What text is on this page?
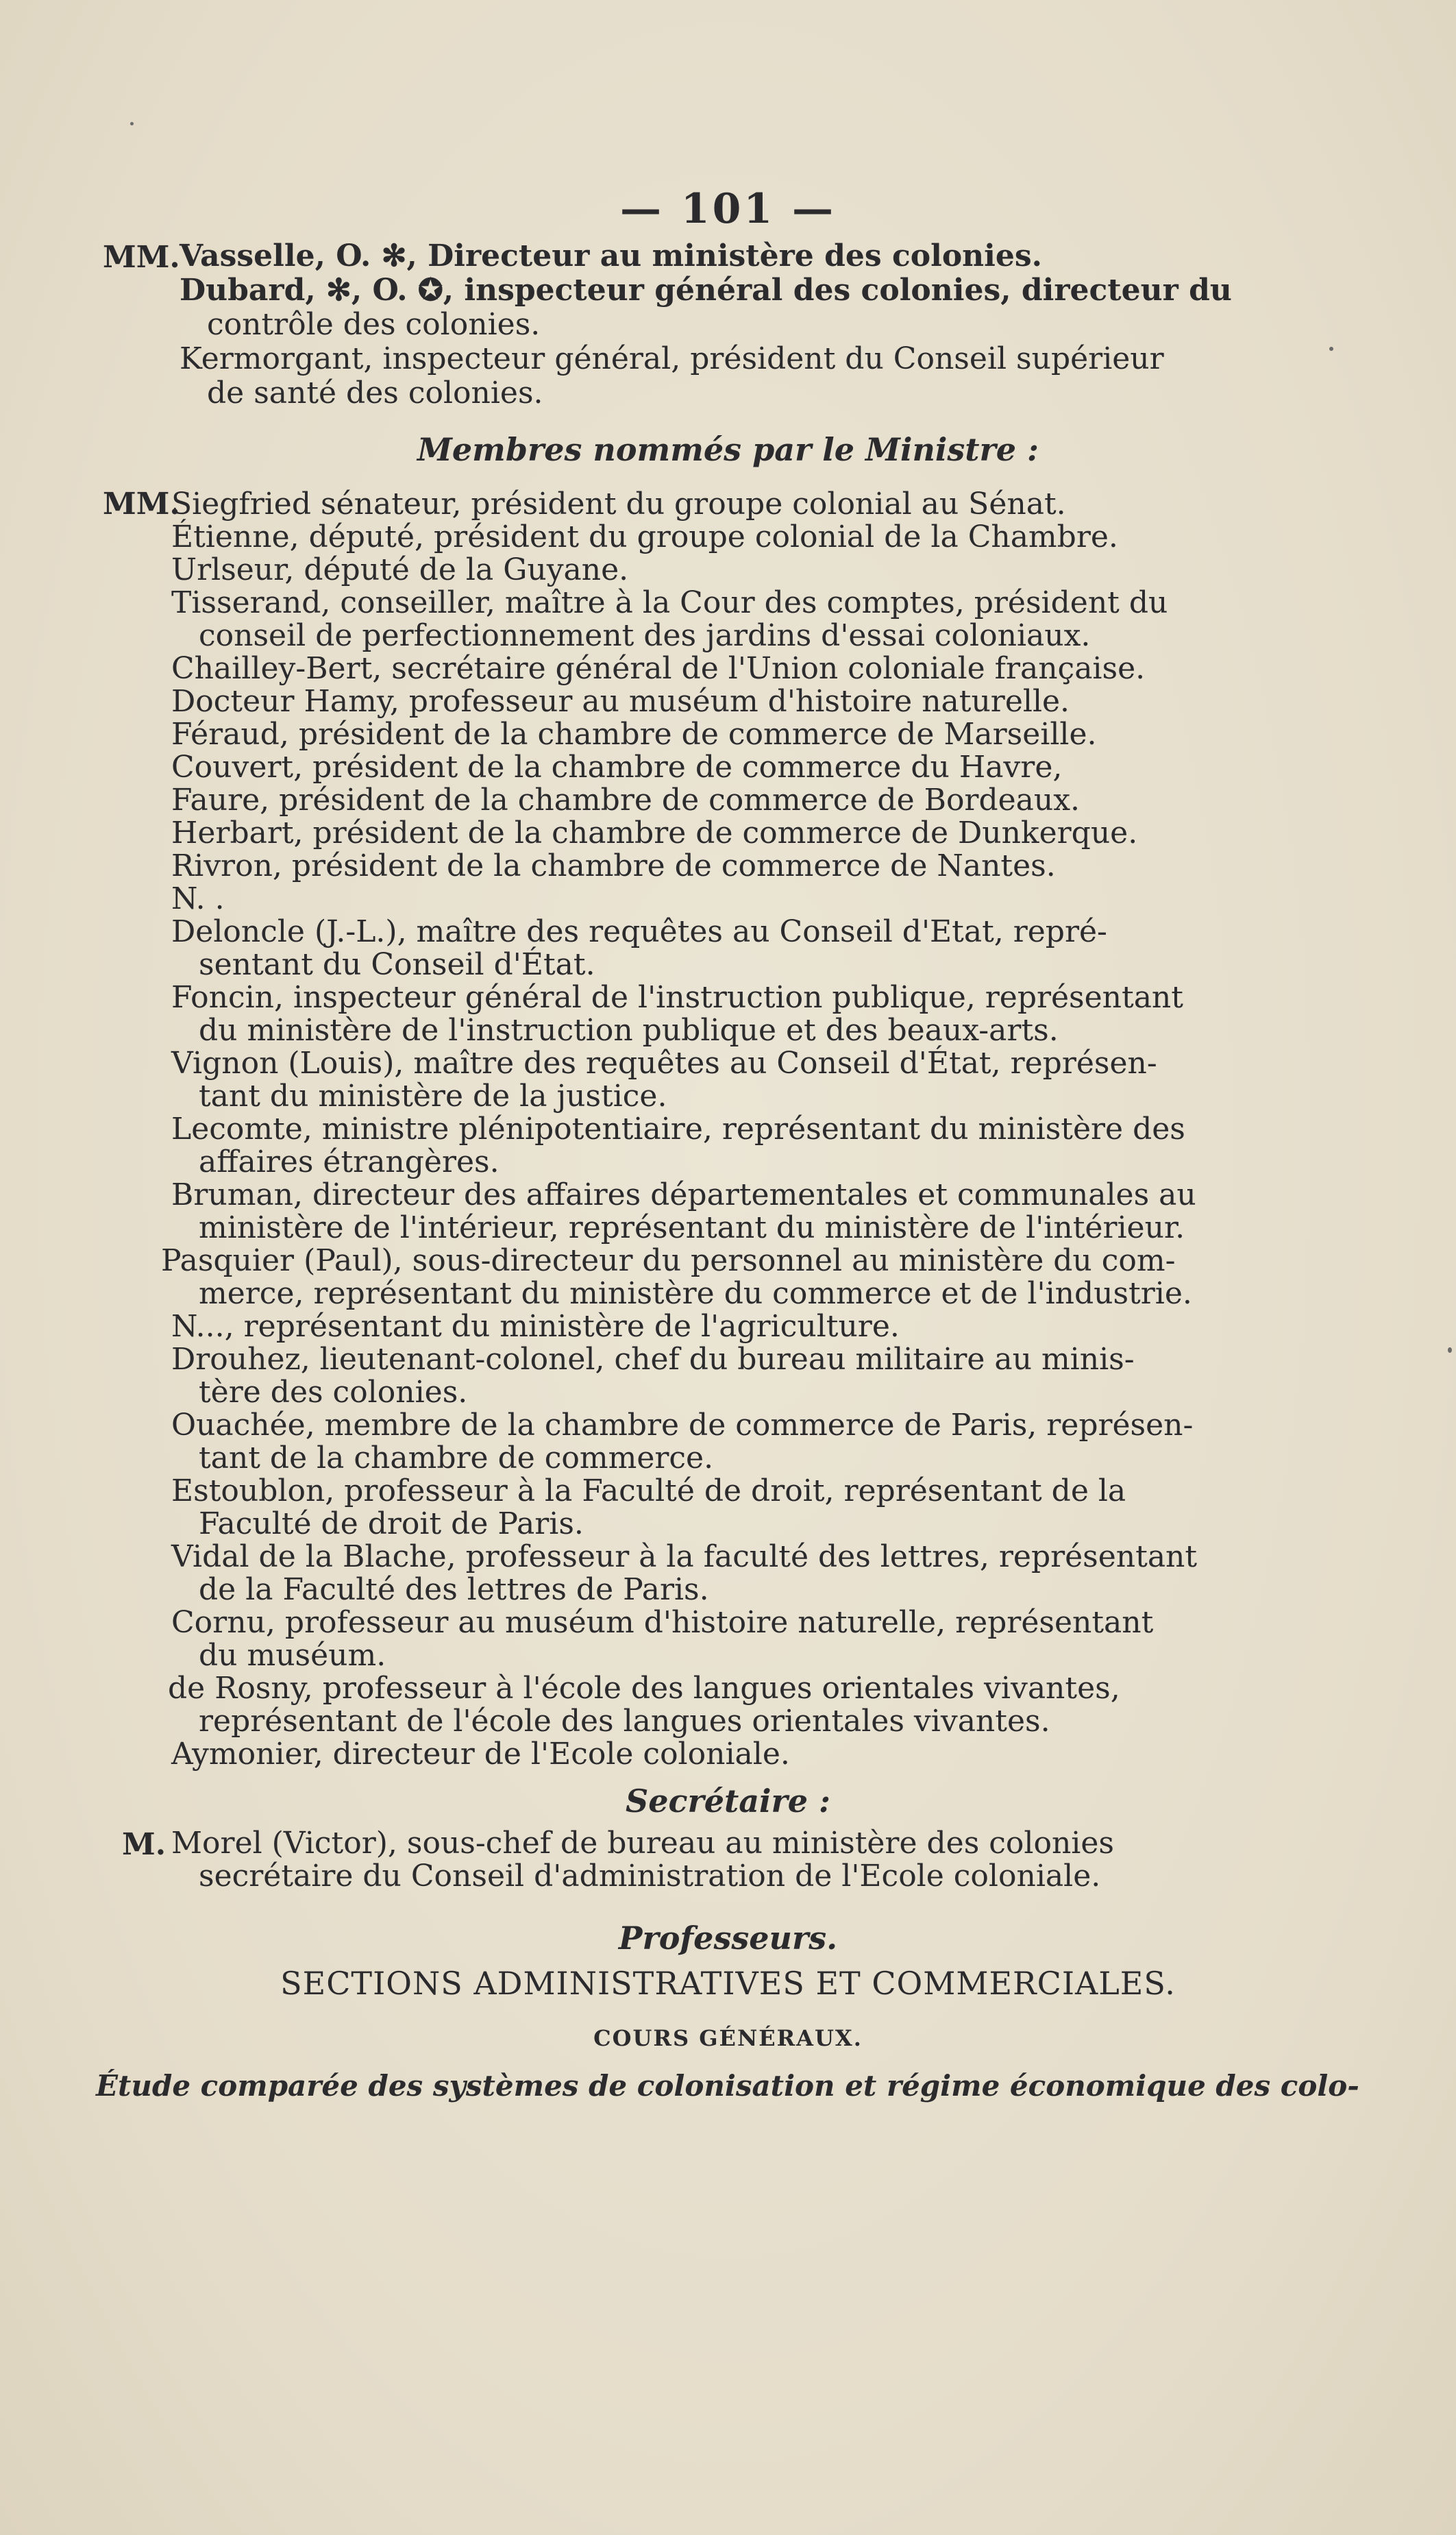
— 101 —
MM. Vasselle, O. ✻, Directeur au ministère des colonies.
Dubard, ✻, O. ✪, inspecteur général des colonies, directeur du
contrôle des colonies.
Kermorgant, inspecteur général, président du Conseil supérieur
de santé des colonies.
Membres nommés par le Ministre :
MM.
Siegfried sénateur, président du groupe colonial au Sénat.
Étienne, député, président du groupe colonial de la Chambre.
Urlseur, député de la Guyane.
Tisserand, conseiller, maître à la Cour des comptes, président du
conseil de perfectionnement des jardins d'essai coloniaux.
Chailley-Bert, secrétaire général de l'Union coloniale française.
Docteur Hamy, professeur au muséum d'histoire naturelle.
Féraud, président de la chambre de commerce de Marseille.
Couvert, président de la chambre de commerce du Havre,
Faure, président de la chambre de commerce de Bordeaux.
Herbart, président de la chambre de commerce de Dunkerque.
Rivron, président de la chambre de commerce de Nantes.
N. .
Deloncle (J.-L.), maître des requêtes au Conseil d'Etat, repré-
sentant du Conseil d'État.
Foncin, inspecteur général de l'instruction publique, représentant
du ministère de l'instruction publique et des beaux-arts.
Vignon (Louis), maître des requêtes au Conseil d'État, représen-
tant du ministère de la justice.
Lecomte, ministre plénipotentiaire, représentant du ministère des
affaires étrangères.
Bruman, directeur des affaires départementales et communales au
ministère de l'intérieur, représentant du ministère de l'intérieur.
Pasquier (Paul), sous-directeur du personnel au ministère du com-
merce, représentant du ministère du commerce et de l'industrie.
N..., représentant du ministère de l'agriculture.
Drouhez, lieutenant-colonel, chef du bureau militaire au minis-
tère des colonies.
Ouachée, membre de la chambre de commerce de Paris, représen-
tant de la chambre de commerce.
Estoublon, professeur à la Faculté de droit, représentant de la
Faculté de droit de Paris.
Vidal de la Blache, professeur à la faculté des lettres, représentant
de la Faculté des lettres de Paris.
Cornu, professeur au muséum d'histoire naturelle, représentant
du muséum.
de Rosny, professeur à l'école des langues orientales vivantes,
représentant de l'école des langues orientales vivantes.
Aymonier, directeur de l'Ecole coloniale.
Secrétaire :
M. Morel (Victor), sous-chef de bureau au ministère des colonies
secrétaire du Conseil d'administration de l'Ecole coloniale.
Professeurs.
SECTIONS ADMINISTRATIVES ET COMMERCIALES.
COURS GÉNÉRAUX.
Étude comparée des systèmes de colonisation et régime économique des colo-
